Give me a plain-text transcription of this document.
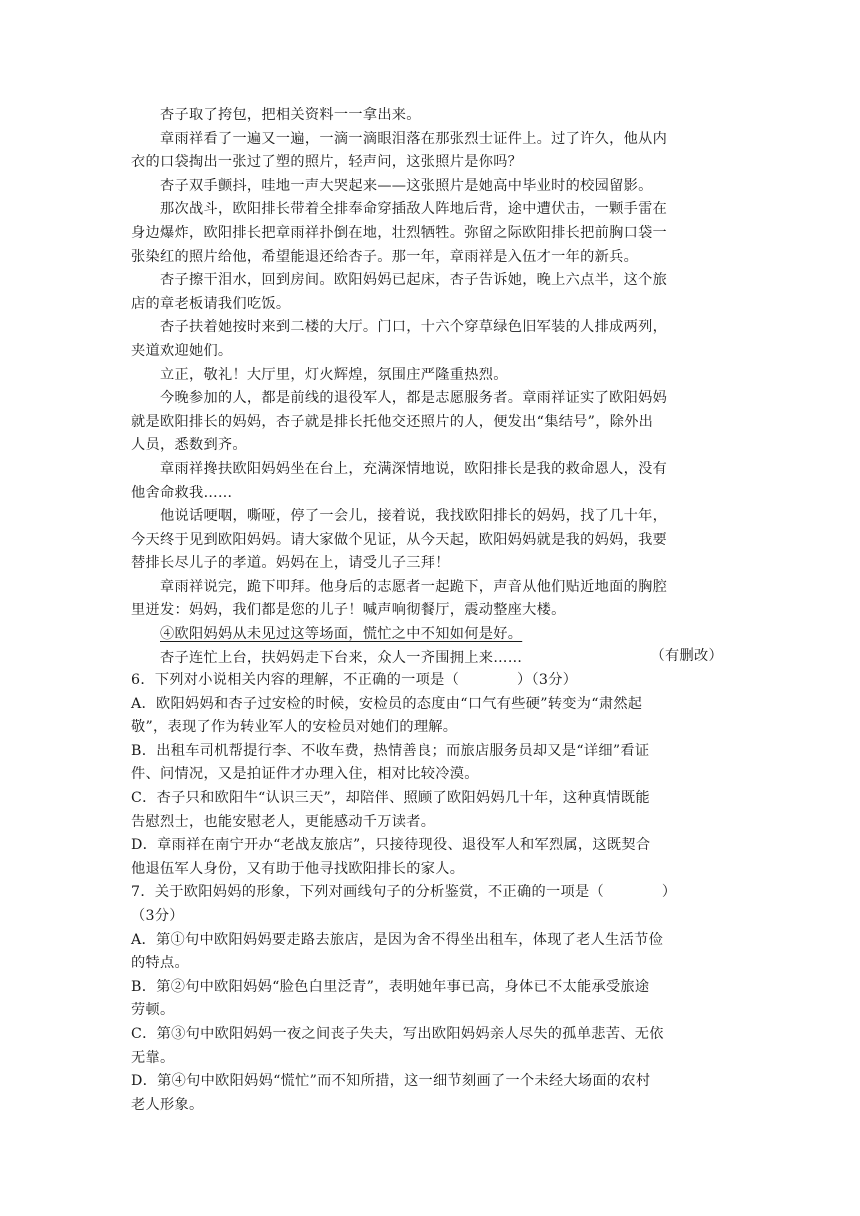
杏子取了挎包，把相关资料一一拿出来。

章雨祥看了一遍又一遍，一滴一滴眼泪落在那张烈士证件上。过了许久，他从内

衣的口袋掏出一张过了塑的照片，轻声问，这张照片是你吗？

杏子双手颤抖，哇地一声大哭起来——这张照片是她高中毕业时的校园留影。

那次战斗，欧阳排长带着全排奉命穿插敌人阵地后背，途中遭伏击，一颗手雷在

身边爆炸，欧阳排长把章雨祥扑倒在地，壮烈牺牲。弥留之际欧阳排长把前胸口袋一

张染红的照片给他，希望能退还给杏子。那一年，章雨祥是入伍才一年的新兵。

杏子擦干泪水，回到房间。欧阳妈妈已起床，杏子告诉她，晚上六点半，这个旅

店的章老板请我们吃饭。

杏子扶着她按时来到二楼的大厅。门口，十六个穿草绿色旧军装的人排成两列，

夹道欢迎她们。

立正，敬礼！大厅里，灯火辉煌，氛围庄严隆重热烈。

今晚参加的人，都是前线的退役军人，都是志愿服务者。章雨祥证实了欧阳妈妈

就是欧阳排长的妈妈，杏子就是排长托他交还照片的人，便发出“集结号”，除外出

人员，悉数到齐。

章雨祥搀扶欧阳妈妈坐在台上，充满深情地说，欧阳排长是我的救命恩人，没有

他舍命救我……

他说话哽咽，嘶哑，停了一会儿，接着说，我找欧阳排长的妈妈，找了几十年，

今天终于见到欧阳妈妈。请大家做个见证，从今天起，欧阳妈妈就是我的妈妈，我要

替排长尽儿子的孝道。妈妈在上，请受儿子三拜！

章雨祥说完，跪下叩拜。他身后的志愿者一起跪下，声音从他们贴近地面的胸腔

里迸发：妈妈，我们都是您的儿子！喊声响彻餐厅，震动整座大楼。

④欧阳妈妈从未见过这等场面，慌忙之中不知如何是好。

杏子连忙上台，扶妈妈走下台来，众人一齐围拥上来……	（有删改）

6．下列对小说相关内容的理解，不正确的一项是（　　　　）（3分）

A．欧阳妈妈和杏子过安检的时候，安检员的态度由“口气有些硬”转变为“肃然起

敬”，表现了作为转业军人的安检员对她们的理解。

B．出租车司机帮提行李、不收车费，热情善良；而旅店服务员却又是“详细”看证

件、问情况，又是拍证件才办理入住，相对比较冷漠。

C．杏子只和欧阳牛“认识三天”，却陪伴、照顾了欧阳妈妈几十年，这种真情既能

告慰烈士，也能安慰老人，更能感动千万读者。

D．章雨祥在南宁开办“老战友旅店”，只接待现役、退役军人和军烈属，这既契合

他退伍军人身份，又有助于他寻找欧阳排长的家人。

7．关于欧阳妈妈的形象，下列对画线句子的分析鉴赏，不正确的一项是（　　　　）

（3分）

A．第①句中欧阳妈妈要走路去旅店，是因为舍不得坐出租车，体现了老人生活节俭

的特点。

B．第②句中欧阳妈妈“脸色白里泛青”，表明她年事已高，身体已不太能承受旅途

劳顿。

C．第③句中欧阳妈妈一夜之间丧子失夫，写出欧阳妈妈亲人尽失的孤单悲苦、无依

无靠。

D．第④句中欧阳妈妈“慌忙”而不知所措，这一细节刻画了一个未经大场面的农村

老人形象。
